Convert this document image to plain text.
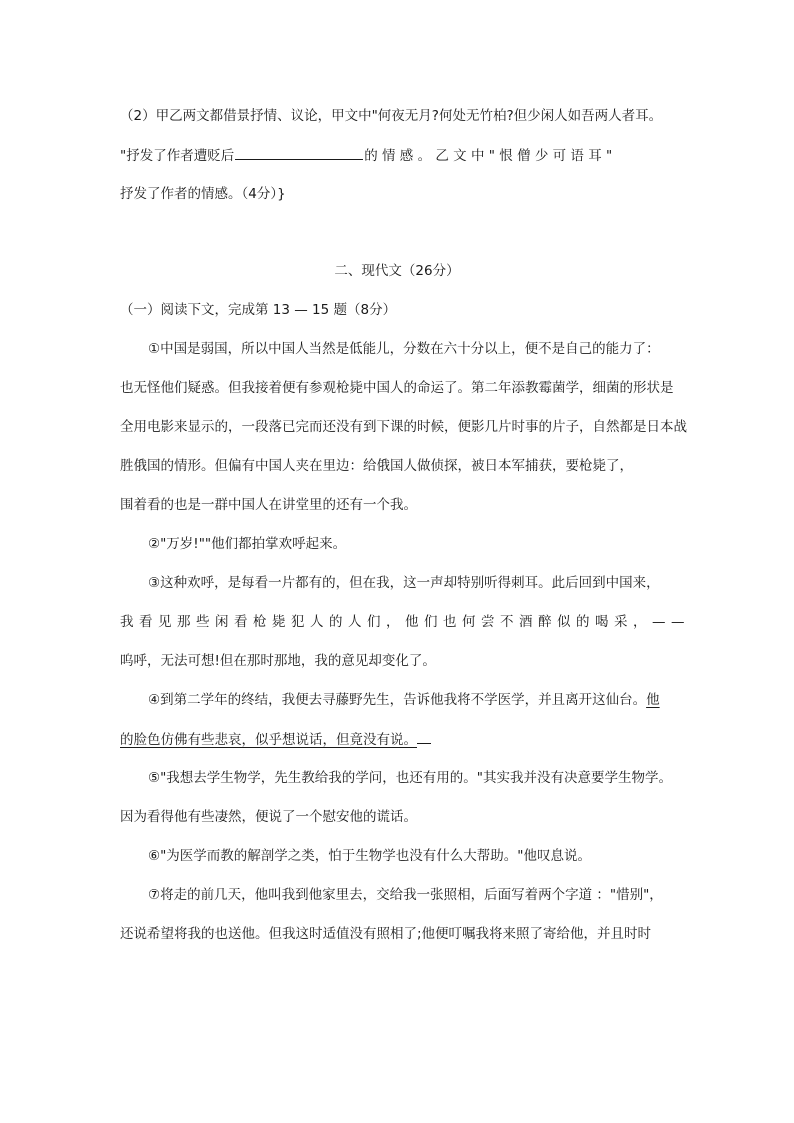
（2）甲乙两文都借景抒情、议论，甲文中"何夜无月?何处无竹柏?但少闲人如吾两人者耳。
"抒发了作者遭贬后	的 情 感 。 乙 文 中 " 恨 僧 少 可 语 耳 "
抒发了作者的情感。（4分）}
二、现代文（26分）
（一）阅读下文，完成第 13 — 15 题（8分）
①中国是弱国，所以中国人当然是低能儿，分数在六十分以上，便不是自己的能力了：
也无怪他们疑惑。但我接着便有参观枪毙中国人的命运了。第二年添教霉菌学，细菌的形状是
全用电影来显示的，一段落已完而还没有到下课的时候，便影几片时事的片子，自然都是日本战
胜俄国的情形。但偏有中国人夹在里边：给俄国人做侦探，被日本军捕获，要枪毙了，
围着看的也是一群中国人在讲堂里的还有一个我。
②"万岁!""他们都拍掌欢呼起来。
③这种欢呼，是每看一片都有的，但在我，这一声却特别听得刺耳。此后回到中国来，
我看见那些闲看枪毙犯人的人们，他们也何尝不酒醉似的喝采，——
呜呼，无法可想!但在那时那地，我的意见却变化了。
④到第二学年的终结，我便去寻藤野先生，告诉他我将不学医学，并且离开这仙台。他
的脸色仿佛有些悲哀，似乎想说话，但竟没有说。
⑤"我想去学生物学，先生教给我的学问，也还有用的。"其实我并没有决意要学生物学。
因为看得他有些凄然，便说了一个慰安他的谎话。
⑥"为医学而教的解剖学之类，怕于生物学也没有什么大帮助。"他叹息说。
⑦将走的前几天，他叫我到他家里去，交给我一张照相，后面写着两个字道 ："惜别"，
还说希望将我的也送他。但我这时适值没有照相了;他便叮嘱我将来照了寄给他，并且时时
